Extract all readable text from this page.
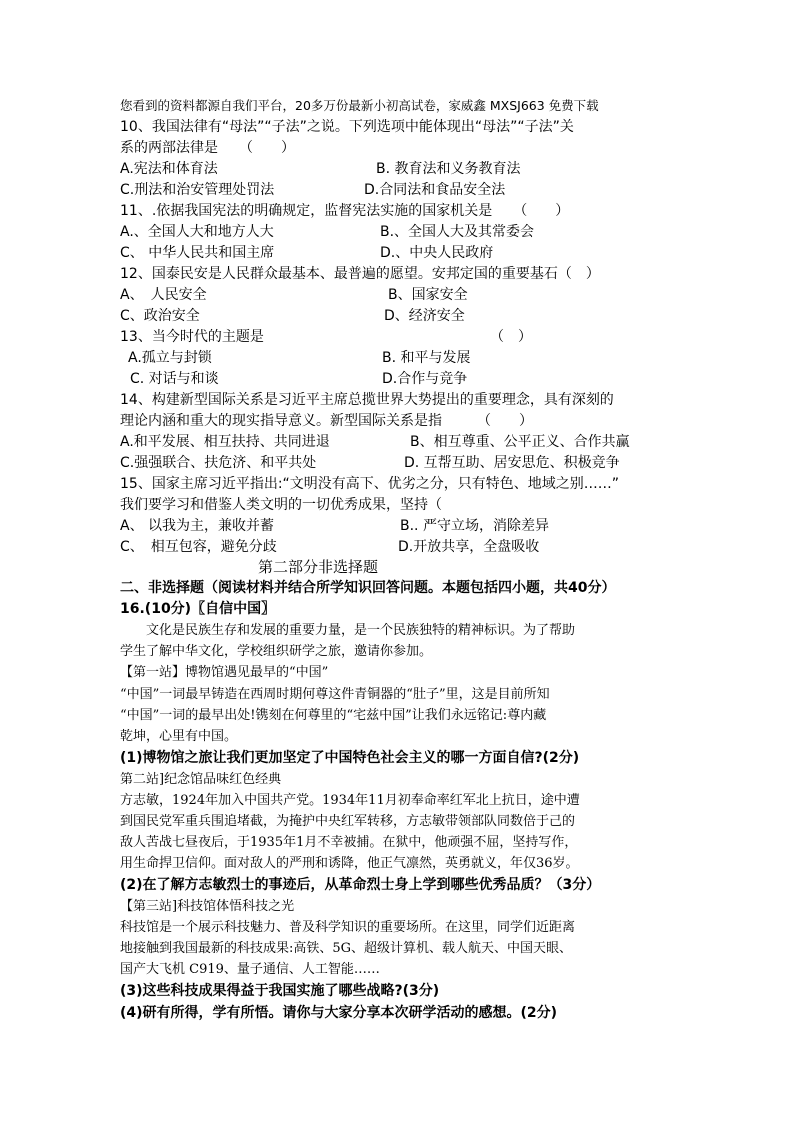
您看到的资料都源自我们平台，20多万份最新小初高试卷，家威鑫 MXSJ663 免费下载
10、我国法律有“母法”“子法”之说。下列选项中能体现出“母法”“子法”关
系的两部法律是　　（　　）
A.宪法和体育法	B. 教育法和义务教育法
C.刑法和治安管理处罚法	D.合同法和食品安全法
11、.依据我国宪法的明确规定，监督宪法实施的国家机关是　　（　　）
A.、全国人大和地方人大	B.、全国人大及其常委会
C、 中华人民共和国主席	D.、中央人民政府
12、国泰民安是人民群众最基本、最普遍的愿望。安邦定国的重要基石（　）
A、　人民安全	B、国家安全
C、政治安全	D、经济安全
13、当今时代的主题是	（　）
A.孤立与封锁	B. 和平与发展
C. 对话与和谈	D.合作与竞争
14、构建新型国际关系是习近平主席总揽世界大势提出的重要理念，具有深刻的
理论内涵和重大的现实指导意义。新型国际关系是指　　　（　　）
A.和平发展、相互扶持、共同进退	B、相互尊重、公平正义、合作共赢
C.强强联合、扶危济、和平共处	D. 互帮互助、居安思危、积极竞争
15、国家主席习近平指出:“文明没有高下、优劣之分，只有特色、地域之别……”
我们要学习和借鉴人类文明的一切优秀成果，坚持（
A、 以我为主，兼收并蓄	B.. 严守立场，消除差异
C、　相互包容，避免分歧	D.开放共享，全盘吸收
第二部分非选择题
二、非选择题（阅读材料并结合所学知识回答问题。本题包括四小题，共40分）
16.(10分)〖自信中国〗
　　文化是民族生存和发展的重要力量，是一个民族独特的精神标识。为了帮助
学生了解中华文化，学校组织研学之旅，邀请你参加。
【第一站】博物馆遇见最早的“中国”
“中国”一词最早铸造在西周时期何尊这件青铜器的“肚子”里，这是目前所知
“中国”一词的最早出处!镌刻在何尊里的“宅兹中国”让我们永远铭记:尊内藏
乾坤，心里有中国。
(1)博物馆之旅让我们更加坚定了中国特色社会主义的哪一方面自信?(2分)
第二站]纪念馆品味红色经典
方志敏，1924年加入中国共产党。1934年11月初奉命率红军北上抗日，途中遭
到国民党军重兵围追堵截，为掩护中央红军转移，方志敏带领部队同数倍于己的
敌人苦战七昼夜后，于1935年1月不幸被捕。在狱中，他顽强不屈，坚持写作，
用生命捍卫信仰。面对敌人的严刑和诱降，他正气凛然，英勇就义，年仅36岁。
(2)在了解方志敏烈士的事迹后，从革命烈士身上学到哪些优秀品质？（3分）
【第三站]科技馆体悟科技之光
科技馆是一个展示科技魅力、普及科学知识的重要场所。在这里，同学们近距离
地接触到我国最新的科技成果:高铁、5G、超级计算机、载人航天、中国天眼、
国产大飞机 C919、量子通信、人工智能……
(3)这些科技成果得益于我国实施了哪些战略?(3分)
(4)研有所得，学有所悟。请你与大家分享本次研学活动的感想。(2分)
